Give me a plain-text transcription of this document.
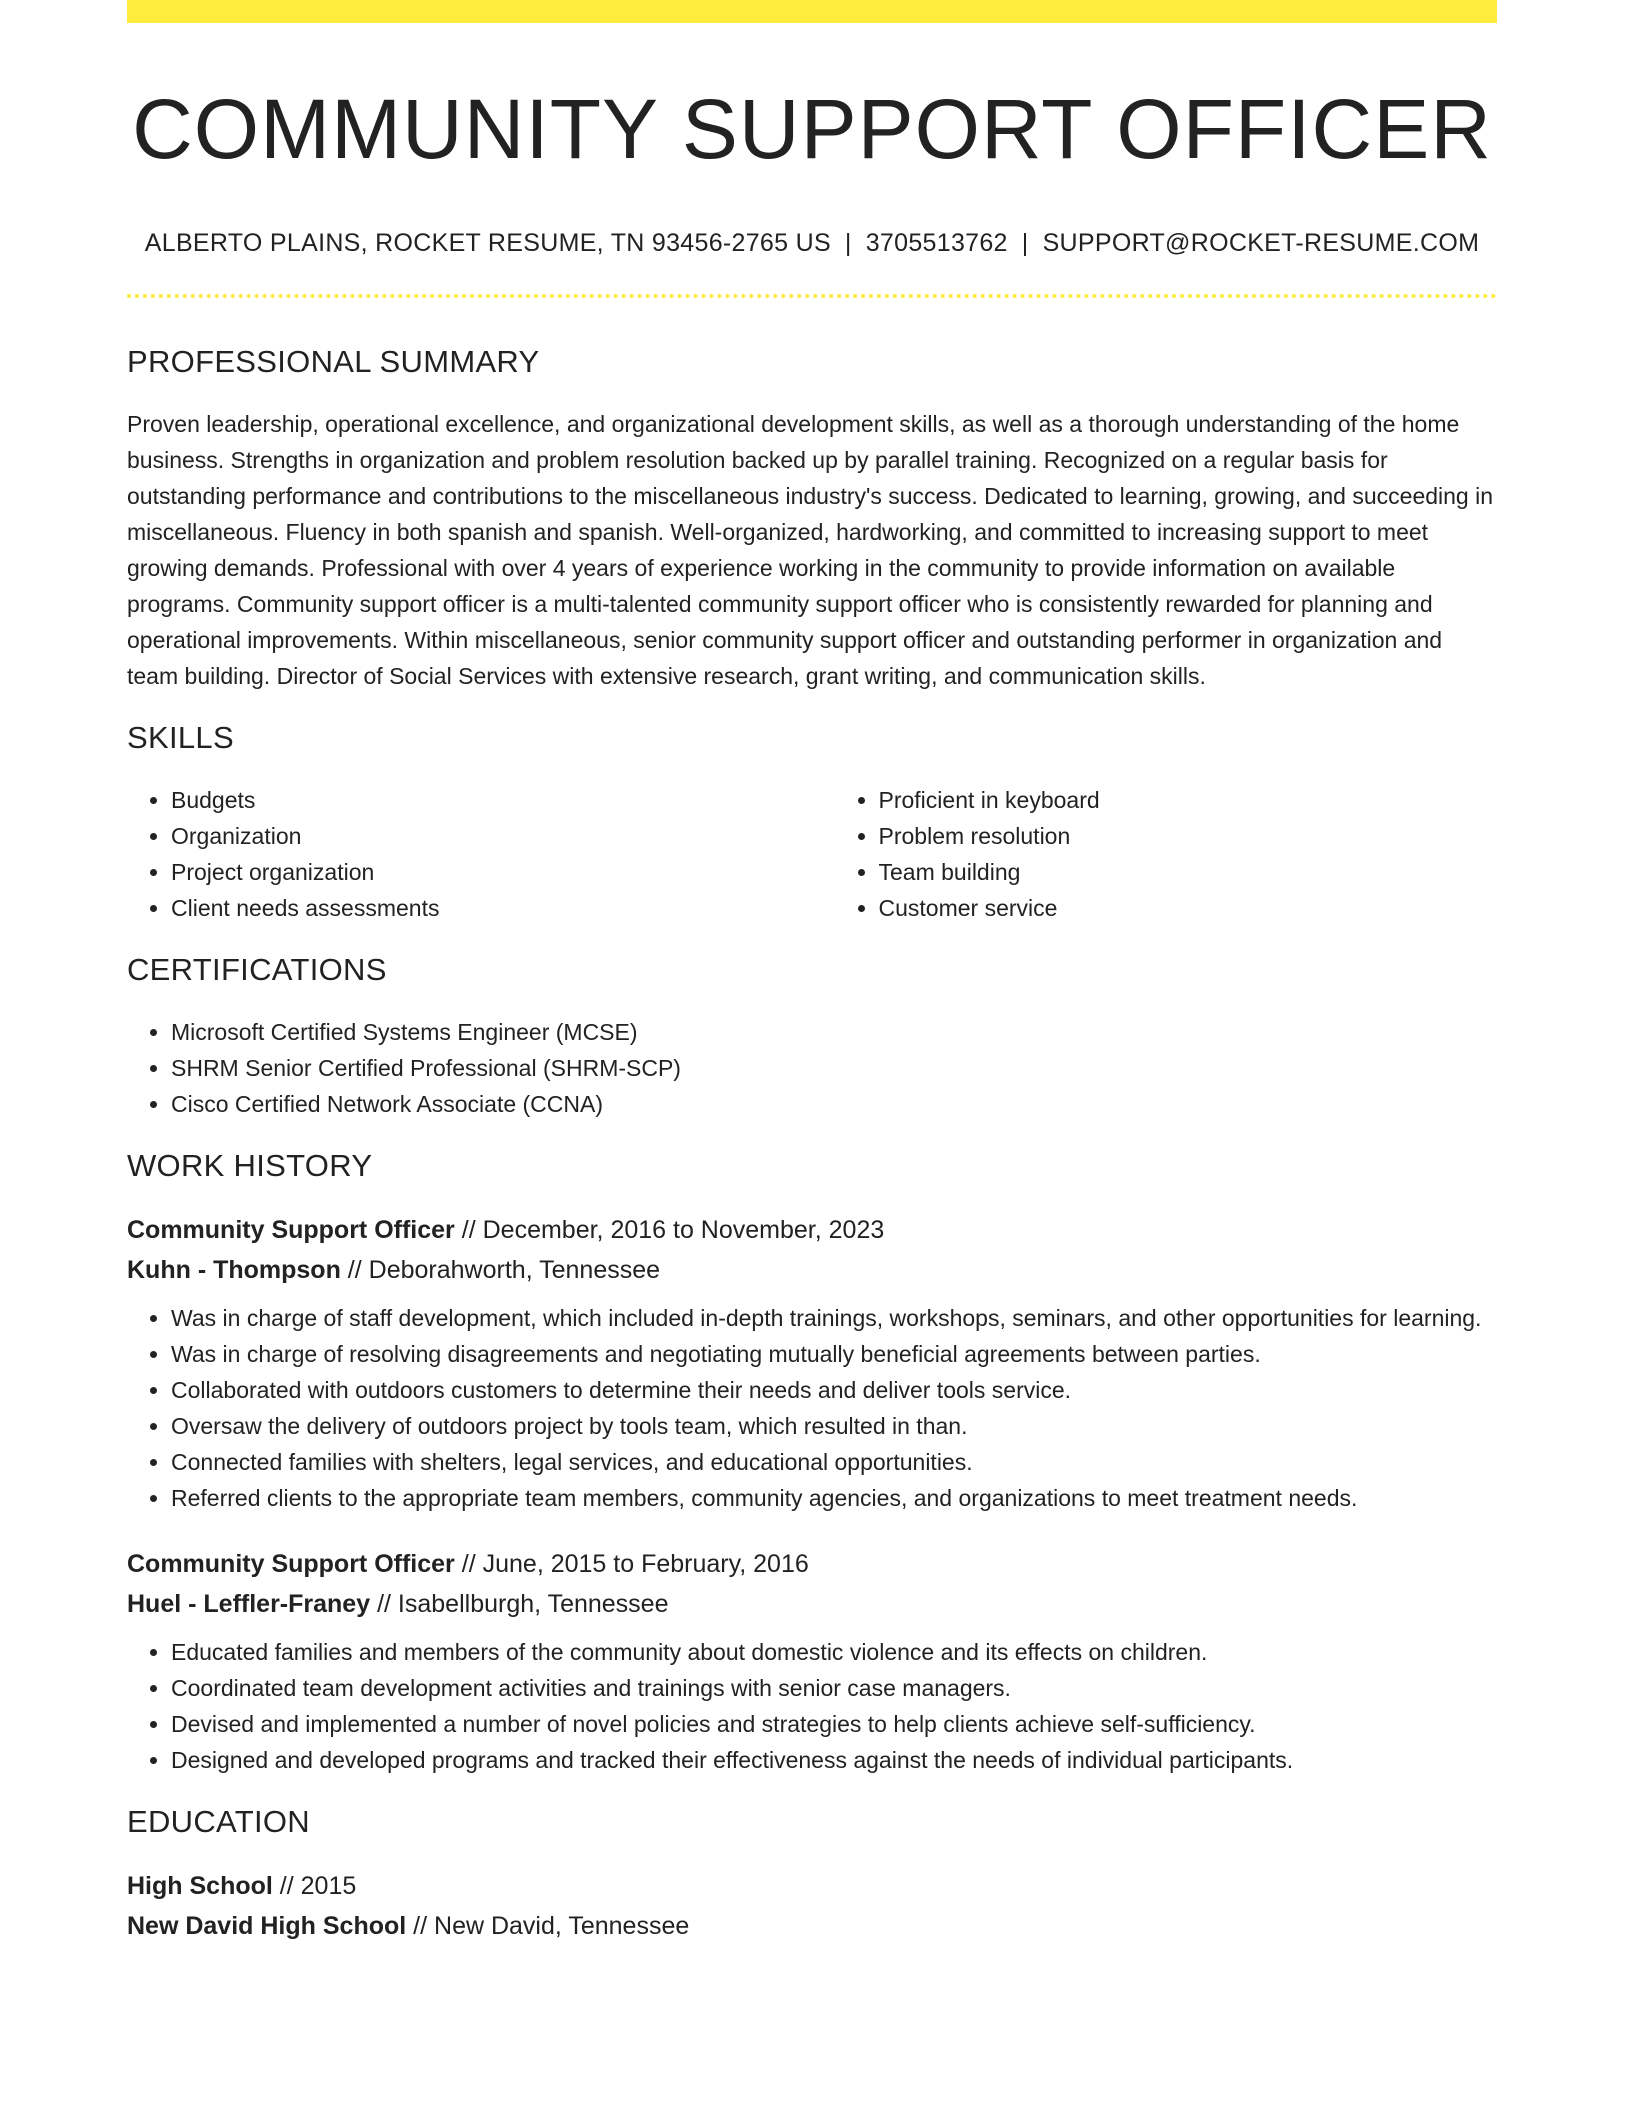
COMMUNITY SUPPORT OFFICER
ALBERTO PLAINS, ROCKET RESUME, TN 93456-2765 US | 3705513762 | SUPPORT@ROCKET-RESUME.COM
PROFESSIONAL SUMMARY

Proven leadership, operational excellence, and organizational development skills, as well as a thorough understanding of the home business. Strengths in organization and problem resolution backed up by parallel training. Recognized on a regular basis for outstanding performance and contributions to the miscellaneous industry's success. Dedicated to learning, growing, and succeeding in miscellaneous. Fluency in both spanish and spanish. Well-organized, hardworking, and committed to increasing support to meet growing demands. Professional with over 4 years of experience working in the community to provide information on available programs. Community support officer is a multi-talented community support officer who is consistently rewarded for planning and operational improvements. Within miscellaneous, senior community support officer and outstanding performer in organization and team building. Director of Social Services with extensive research, grant writing, and communication skills.

SKILLS
• Budgets
• Organization
• Project organization
• Client needs assessments
• Proficient in keyboard
• Problem resolution
• Team building
• Customer service
CERTIFICATIONS
• Microsoft Certified Systems Engineer (MCSE)
• SHRM Senior Certified Professional (SHRM-SCP)
• Cisco Certified Network Associate (CCNA)
WORK HISTORY
Community Support Officer // December, 2016 to November, 2023
Kuhn - Thompson // Deborahworth, Tennessee
• Was in charge of staff development, which included in-depth trainings, workshops, seminars, and other opportunities for learning.
• Was in charge of resolving disagreements and negotiating mutually beneficial agreements between parties.
• Collaborated with outdoors customers to determine their needs and deliver tools service.
• Oversaw the delivery of outdoors project by tools team, which resulted in than.
• Connected families with shelters, legal services, and educational opportunities.
• Referred clients to the appropriate team members, community agencies, and organizations to meet treatment needs.
Community Support Officer // June, 2015 to February, 2016
Huel - Leffler-Franey // Isabellburgh, Tennessee
• Educated families and members of the community about domestic violence and its effects on children.
• Coordinated team development activities and trainings with senior case managers.
• Devised and implemented a number of novel policies and strategies to help clients achieve self-sufficiency.
• Designed and developed programs and tracked their effectiveness against the needs of individual participants.
EDUCATION
High School // 2015
New David High School // New David, Tennessee
